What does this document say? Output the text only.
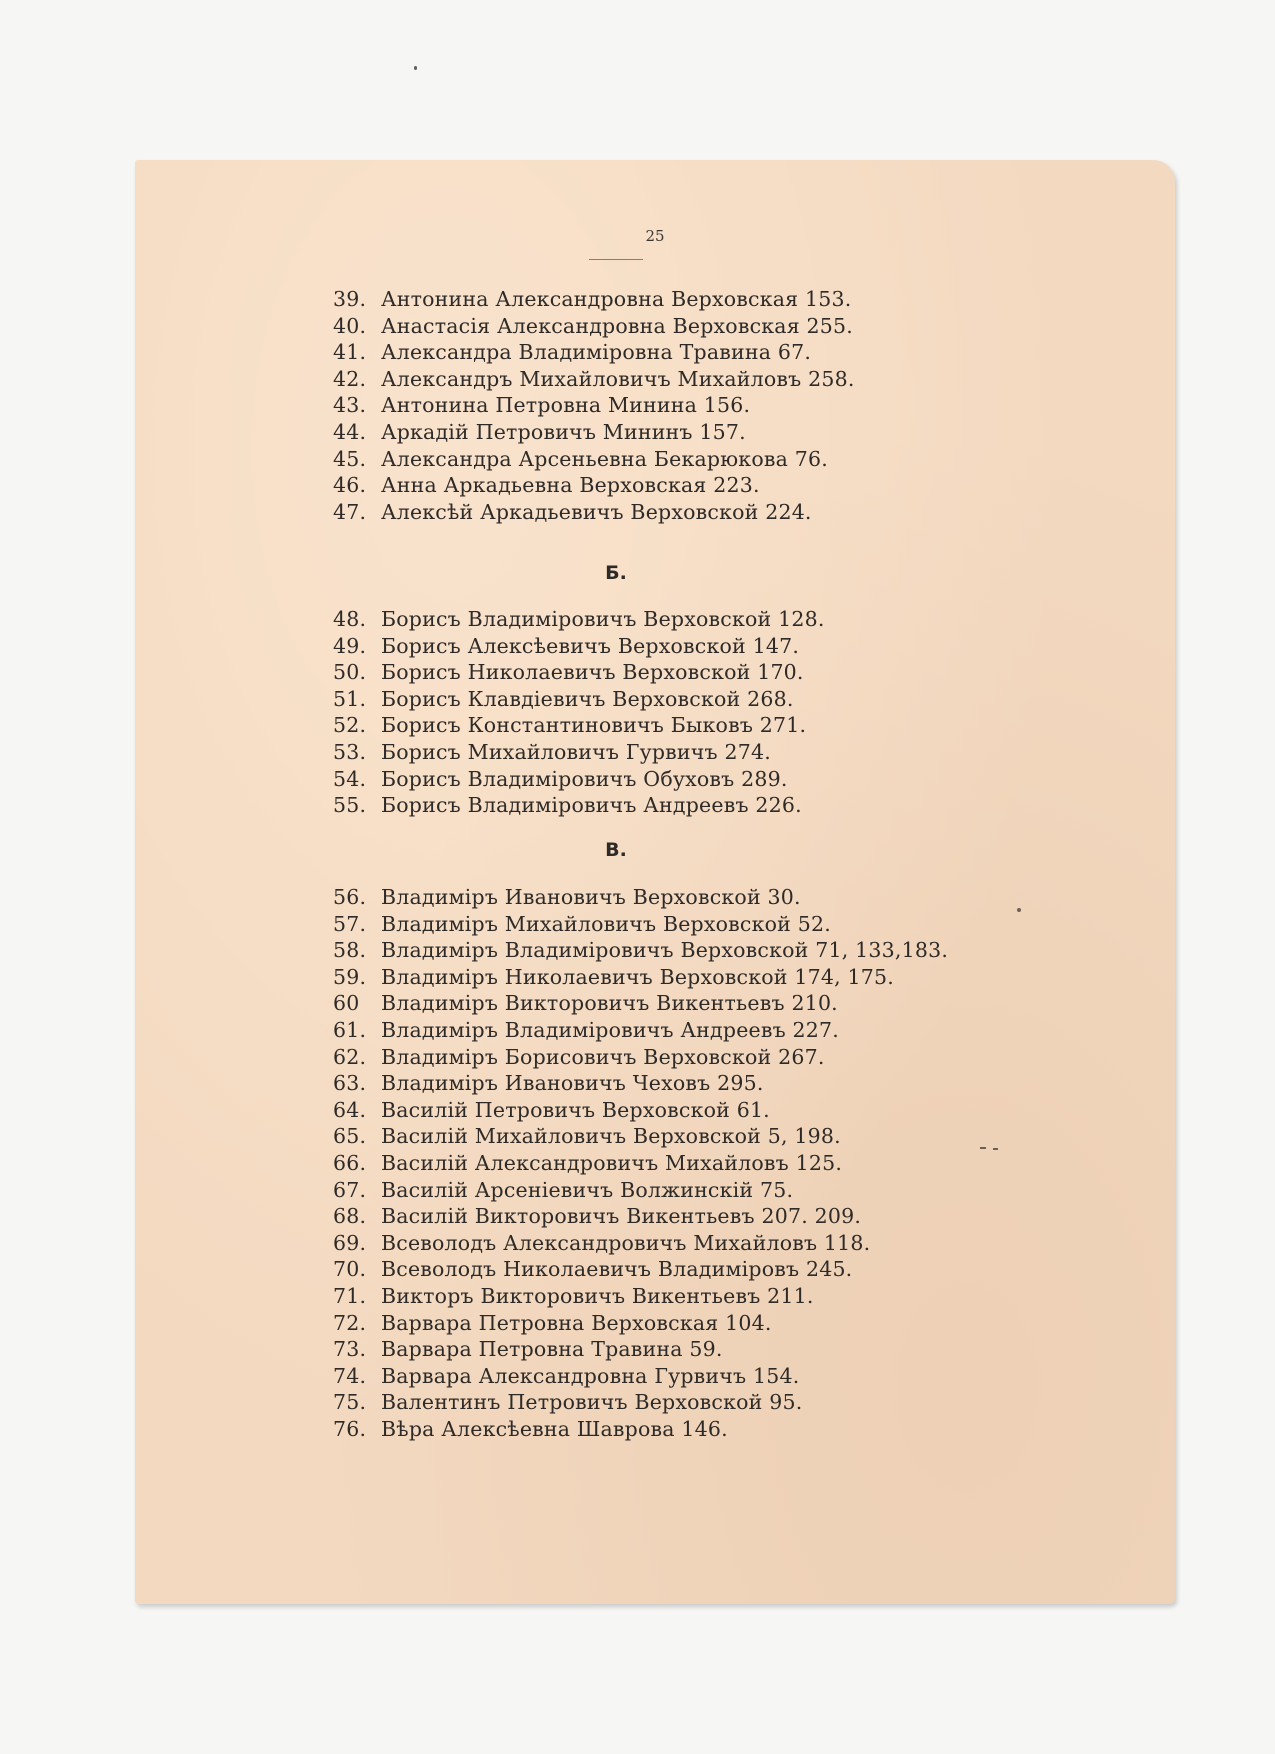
25
39. Антонина Александровна Верховская 153.
40. Анастасія Александровна Верховская 255.
41. Александра Владиміровна Травина 67.
42. Александръ Михайловичъ Михайловъ 258.
43. Антонина Петровна Минина 156.
44. Аркадій Петровичъ Мининъ 157.
45. Александра Арсеньевна Бекарюкова 76.
46. Анна Аркадьевна Верховская 223.
47. Алексѣй Аркадьевичъ Верховской 224.
Б.
48. Борисъ Владиміровичъ Верховской 128.
49. Борисъ Алексѣевичъ Верховской 147.
50. Борисъ Николаевичъ Верховской 170.
51. Борисъ Клавдіевичъ Верховской 268.
52. Борисъ Константиновичъ Быковъ 271.
53. Борисъ Михайловичъ Гурвичъ 274.
54. Борисъ Владиміровичъ Обуховъ 289.
55. Борисъ Владиміровичъ Андреевъ 226.
В.
56. Владиміръ Ивановичъ Верховской 30.
57. Владиміръ Михайловичъ Верховской 52.
58. Владиміръ Владиміровичъ Верховской 71, 133,183.
59. Владиміръ Николаевичъ Верховской 174, 175.
60 Владиміръ Викторовичъ Викентьевъ 210.
61. Владиміръ Владиміровичъ Андреевъ 227.
62. Владиміръ Борисовичъ Верховской 267.
63. Владиміръ Ивановичъ Чеховъ 295.
64. Василій Петровичъ Верховской 61.
65. Василій Михайловичъ Верховской 5, 198.
66. Василій Александровичъ Михайловъ 125.
67. Василій Арсеніевичъ Волжинскій 75.
68. Василій Викторовичъ Викентьевъ 207. 209.
69. Всеволодъ Александровичъ Михайловъ 118.
70. Всеволодъ Николаевичъ Владиміровъ 245.
71. Викторъ Викторовичъ Викентьевъ 211.
72. Варвара Петровна Верховская 104.
73. Варвара Петровна Травина 59.
74. Варвара Александровна Гурвичъ 154.
75. Валентинъ Петровичъ Верховской 95.
76. Вѣра Алексѣевна Шаврова 146.
